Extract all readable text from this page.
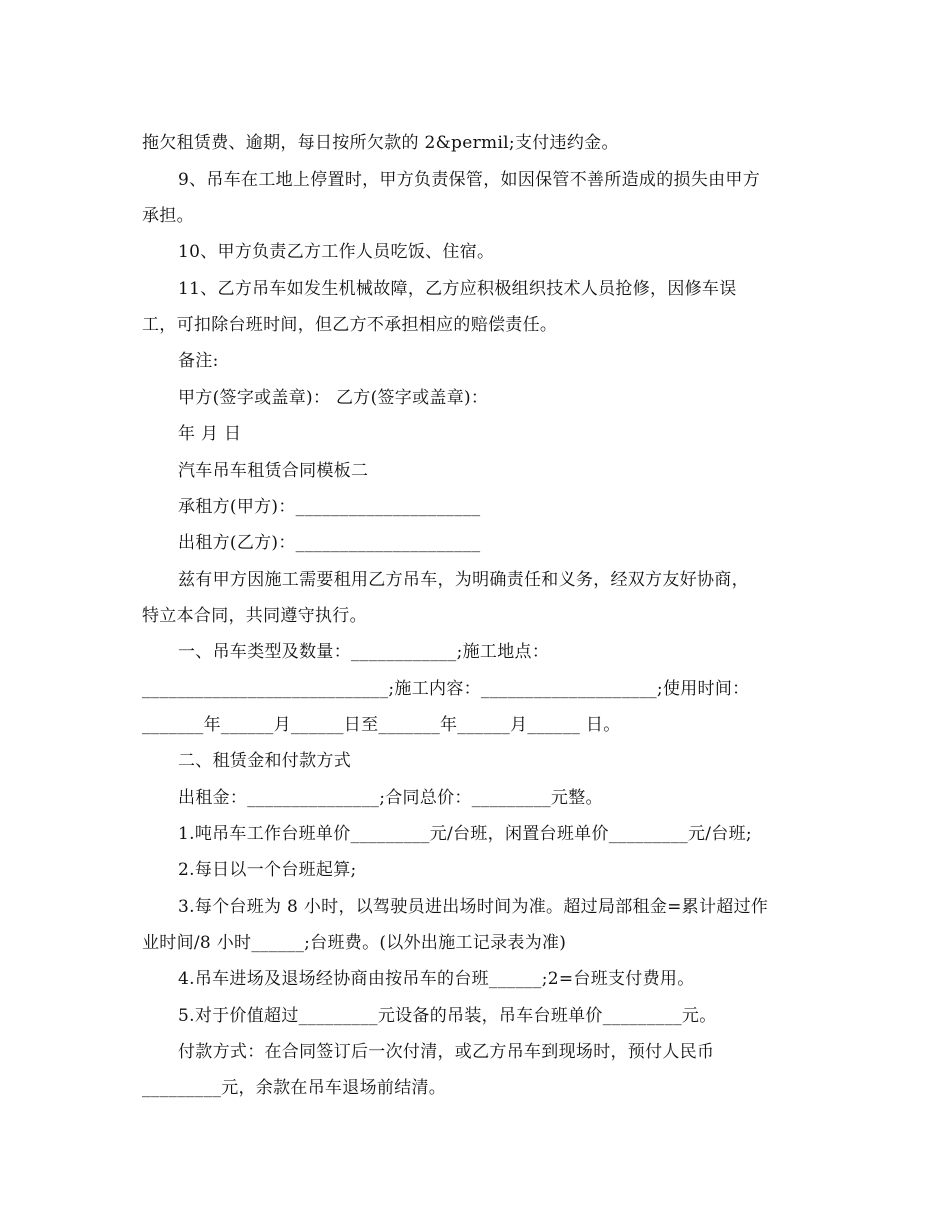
拖欠租赁费、逾期，每日按所欠款的 2&permil;支付违约金。
9、吊车在工地上停置时，甲方负责保管，如因保管不善所造成的损失由甲方
承担。
10、甲方负责乙方工作人员吃饭、住宿。
11、乙方吊车如发生机械故障，乙方应积极组织技术人员抢修，因修车误
工，可扣除台班时间，但乙方不承担相应的赔偿责任。
备注:
甲方(签字或盖章)： 乙方(签字或盖章)：
年 月 日
汽车吊车租赁合同模板二
承租方(甲方)：_____________________
出租方(乙方)：_____________________
兹有甲方因施工需要租用乙方吊车，为明确责任和义务，经双方友好协商，
特立本合同，共同遵守执行。
一、吊车类型及数量：____________;施工地点：
____________________________;施工内容：____________________;使用时间：
_______年______月______日至_______年______月______ 日。
二、租赁金和付款方式
出租金：_______________;合同总价：_________元整。
1.吨吊车工作台班单价_________元/台班，闲置台班单价_________元/台班;
2.每日以一个台班起算;
3.每个台班为 8 小时，以驾驶员进出场时间为准。超过局部租金=累计超过作
业时间/8 小时______;台班费。(以外出施工记录表为准)
4.吊车进场及退场经协商由按吊车的台班______;2=台班支付费用。
5.对于价值超过_________元设备的吊装，吊车台班单价_________元。
付款方式：在合同签订后一次付清，或乙方吊车到现场时，预付人民币
_________元，余款在吊车退场前结清。
